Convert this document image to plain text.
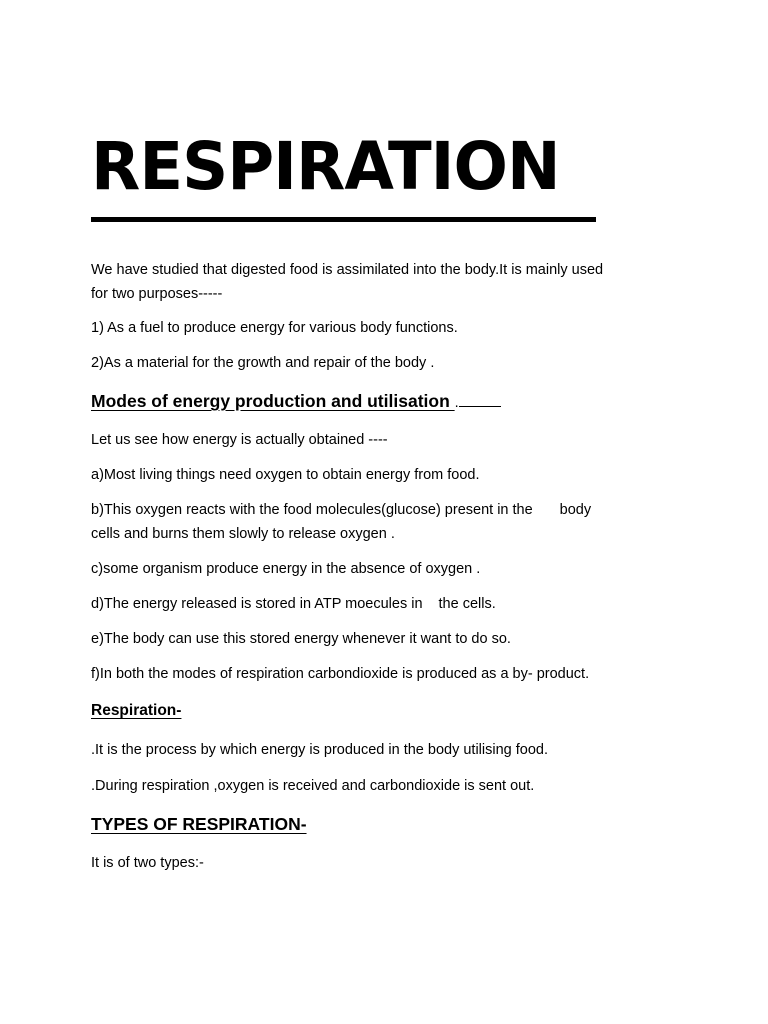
RESPIRATION
We have studied that digested food is assimilated into the body.It is mainly used
for two purposes-----
1) As a fuel to produce energy for various body functions.
2)As a material for the growth and repair of the body .
Modes of energy production and utilisation .
Let us see how energy is actually obtained ----
a)Most living things need oxygen to obtain energy from food.
b)This oxygen reacts with the food molecules(glucose) present in the body
cells and burns them slowly to release oxygen .
c)some organism produce energy in the absence of oxygen .
d)The energy released is stored in ATP moecules in the cells.
e)The body can use this stored energy whenever it want to do so.
f)In both the modes of respiration carbondioxide is produced as a by- product.
Respiration-
.It is the process by which energy is produced in the body utilising food.
.During respiration ,oxygen is received and carbondioxide is sent out.
TYPES OF RESPIRATION-
It is of two types:-
